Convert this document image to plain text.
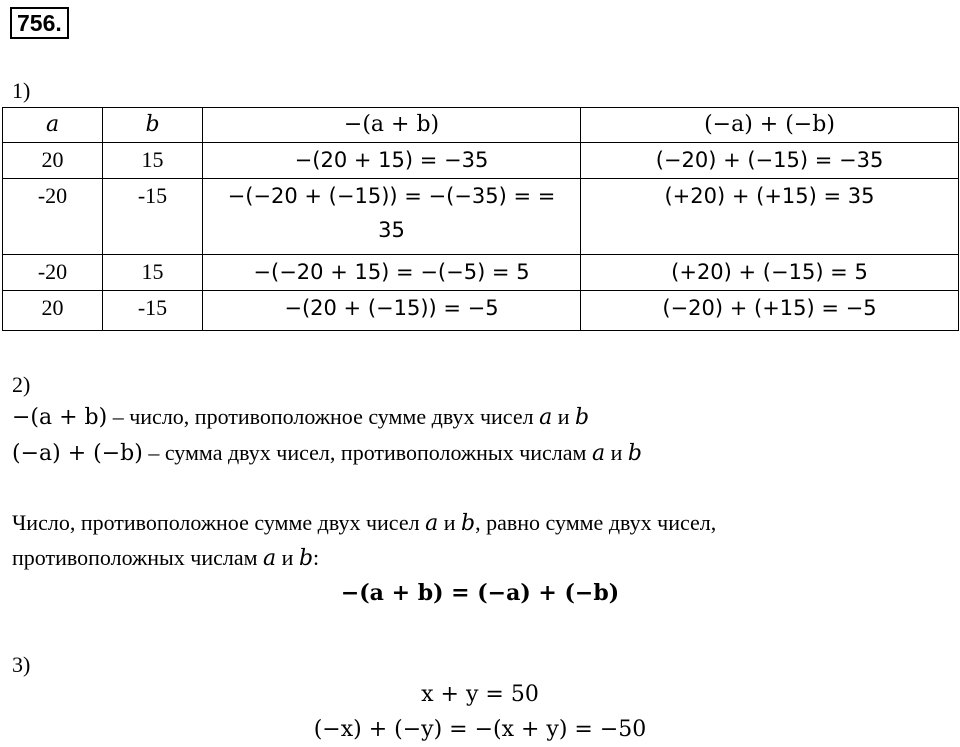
756.
1)
a	b	−(a + b)	(−a) + (−b)
20	15	−(20 + 15) = −35	(−20) + (−15) = −35
-20	-15	−(−20 + (−15)) = −(−35) = = 35	(+20) + (+15) = 35
-20	15	−(−20 + 15) = −(−5) = 5	(+20) + (−15) = 5
20	-15	−(20 + (−15)) = −5	(−20) + (+15) = −5
2)
−(a + b) – число, противоположное сумме двух чисел a и b
(−a) + (−b) – сумма двух чисел, противоположных числам a и b
Число, противоположное сумме двух чисел a и b, равно сумме двух чисел,
противоположных числам a и b:
−(a + b) = (−a) + (−b)
3)
x + y = 50
(−x) + (−y) = −(x + y) = −50
